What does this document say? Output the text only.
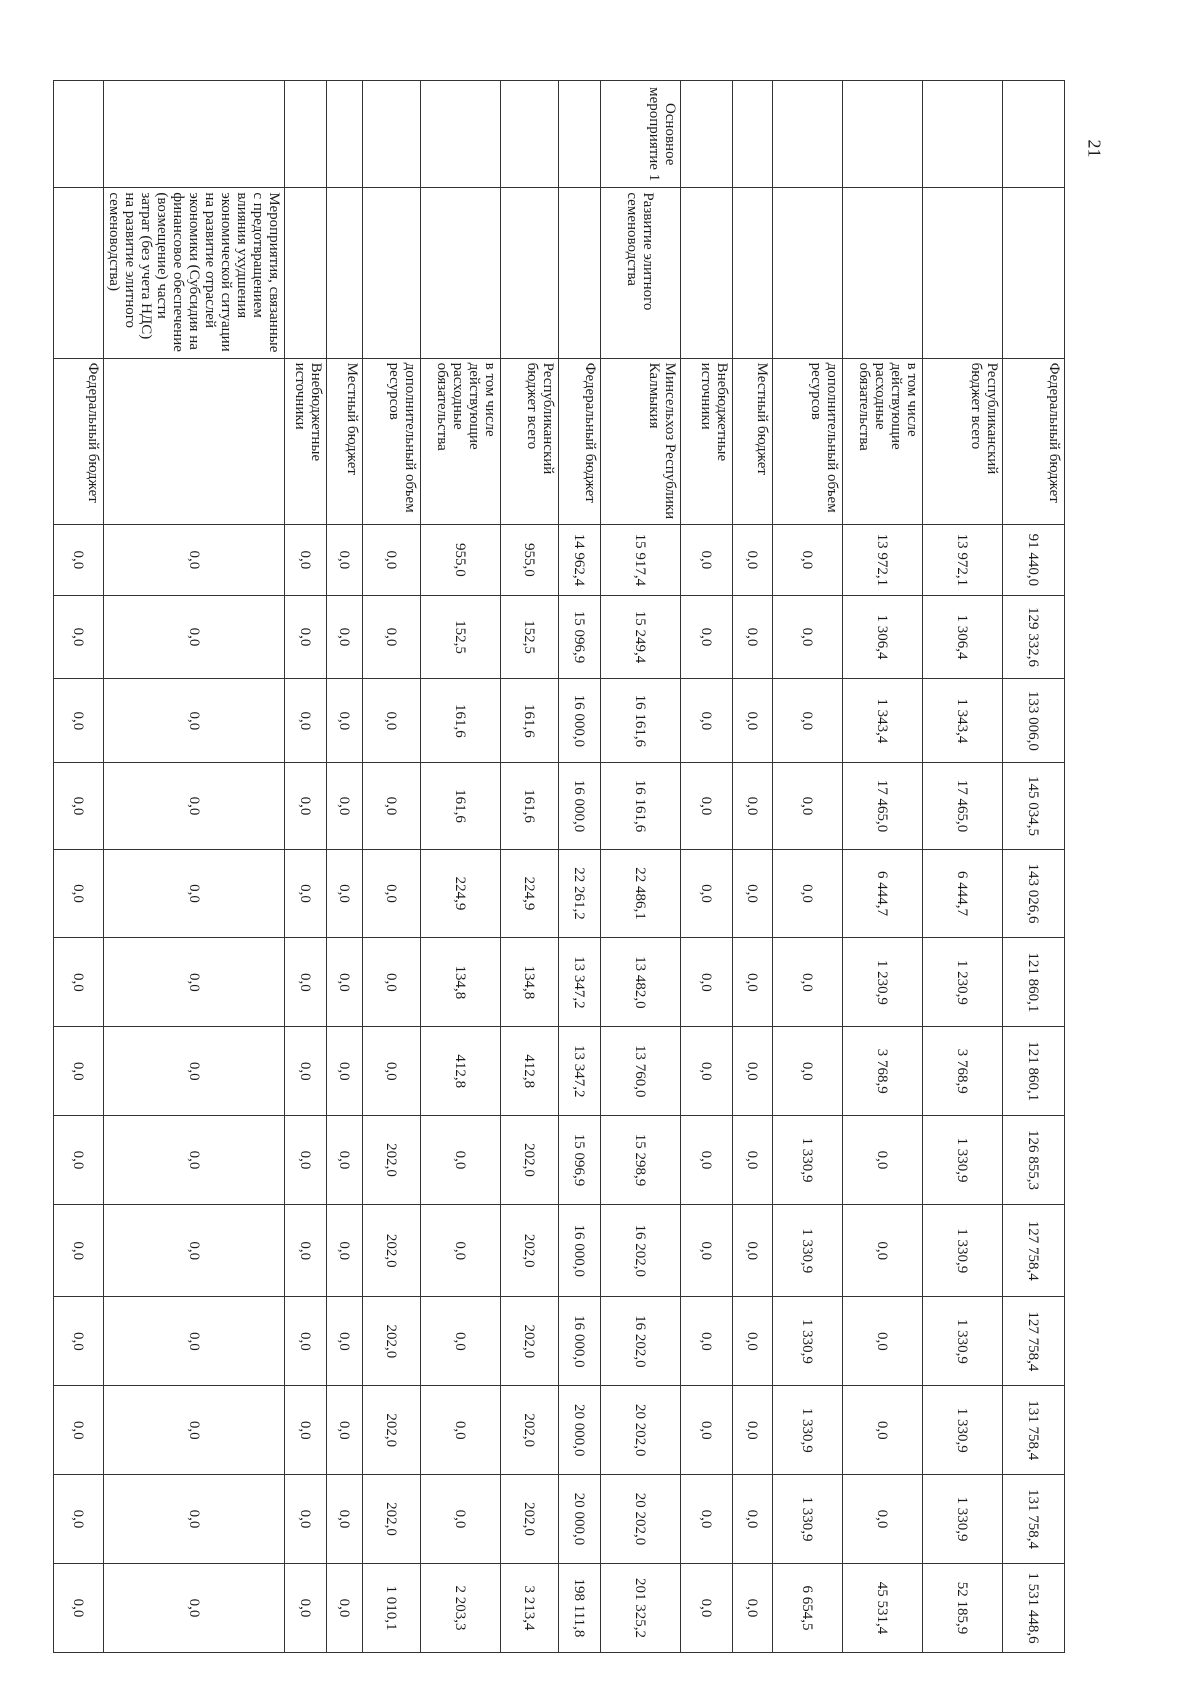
		Федеральный бюджет	91 440,0	129 332,6	133 006,0	145 034,5	143 026,6	121 860,1	121 860,1	126 855,3	127 758,4	127 758,4	131 758,4	131 758,4	1 531 448,6
		Республиканский бюджет всего	13 972,1	1 306,4	1 343,4	17 465,0	6 444,7	1 230,9	3 768,9	1 330,9	1 330,9	1 330,9	1 330,9	1 330,9	52 185,9
		в том числе действующие расходные обязательства	13 972,1	1 306,4	1 343,4	17 465,0	6 444,7	1 230,9	3 768,9	0,0	0,0	0,0	0,0	0,0	45 531,4
		дополнительный объем ресурсов	0,0	0,0	0,0	0,0	0,0	0,0	0,0	1 330,9	1 330,9	1 330,9	1 330,9	1 330,9	6 654,5
		Местный бюджет	0,0	0,0	0,0	0,0	0,0	0,0	0,0	0,0	0,0	0,0	0,0	0,0	0,0
		Внебюджетные источники	0,0	0,0	0,0	0,0	0,0	0,0	0,0	0,0	0,0	0,0	0,0	0,0	0,0
Основное мероприятие 1	Развитие элитного семеноводства	Минсельхоз Республики Калмыкия	15 917,4	15 249,4	16 161,6	16 161,6	22 486,1	13 482,0	13 760,0	15 298,9	16 202,0	16 202,0	20 202,0	20 202,0	201 325,2
		Федеральный бюджет	14 962,4	15 096,9	16 000,0	16 000,0	22 261,2	13 347,2	13 347,2	15 096,9	16 000,0	16 000,0	20 000,0	20 000,0	198 111,8
		Республиканский бюджет всего	955,0	152,5	161,6	161,6	224,9	134,8	412,8	202,0	202,0	202,0	202,0	202,0	3 213,4
		в том числе действующие расходные обязательства	955,0	152,5	161,6	161,6	224,9	134,8	412,8	0,0	0,0	0,0	0,0	0,0	2 203,3
		дополнительный объем ресурсов	0,0	0,0	0,0	0,0	0,0	0,0	0,0	202,0	202,0	202,0	202,0	202,0	1 010,1
		Местный бюджет	0,0	0,0	0,0	0,0	0,0	0,0	0,0	0,0	0,0	0,0	0,0	0,0	0,0
		Внебюджетные источники	0,0	0,0	0,0	0,0	0,0	0,0	0,0	0,0	0,0	0,0	0,0	0,0	0,0
	Мероприятия, связанные с предотвращением влияния ухудшения экономической ситуации на развитие отраслей экономики (Субсидия на финансовое обеспечение (возмещение) части затрат (без учета НДС) на развитие элитного семеноводства)		0,0	0,0	0,0	0,0	0,0	0,0	0,0	0,0	0,0	0,0	0,0	0,0	0,0
		Федеральный бюджет	0,0	0,0	0,0	0,0	0,0	0,0	0,0	0,0	0,0	0,0	0,0	0,0	0,0
21
